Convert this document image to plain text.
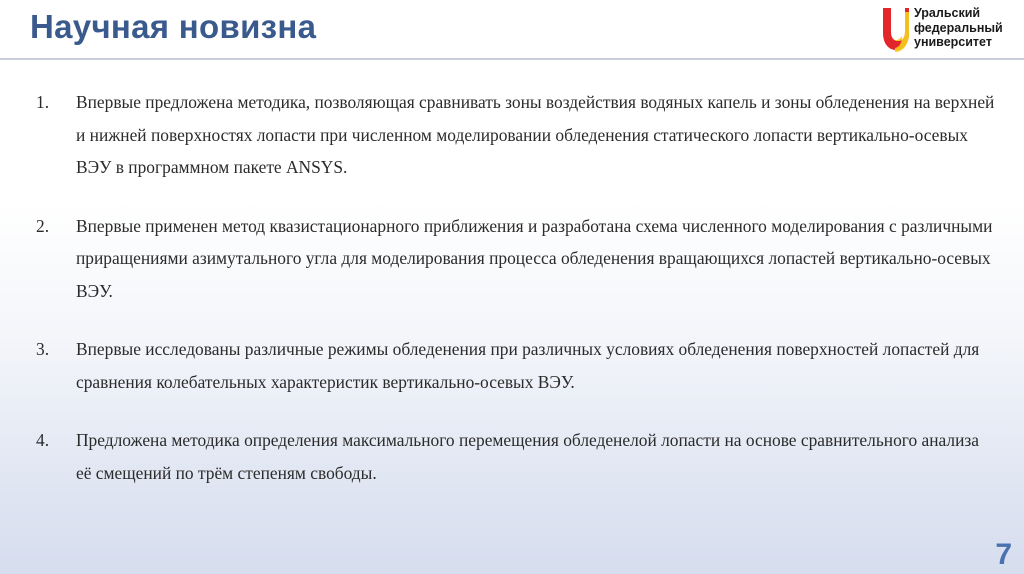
Научная новизна	Уральский
федеральный
университет
1. Впервые предложена методика, позволяющая сравнивать зоны воздействия водяных капель и зоны обледенения на верхней и нижней поверхностях лопасти при численном моделировании обледенения статического лопасти вертикально-осевых ВЭУ в программном пакете ANSYS.
2. Впервые применен метод квазистационарного приближения и разработана схема численного моделирования с различными приращениями азимутального угла для моделирования процесса обледенения вращающихся лопастей вертикально-осевых ВЭУ.
3. Впервые исследованы различные режимы обледенения при различных условиях обледенения поверхностей лопастей для сравнения колебательных характеристик вертикально-осевых ВЭУ.
4. Предложена методика определения максимального перемещения обледенелой лопасти на основе сравнительного анализа её смещений по трём степеням свободы.
7
